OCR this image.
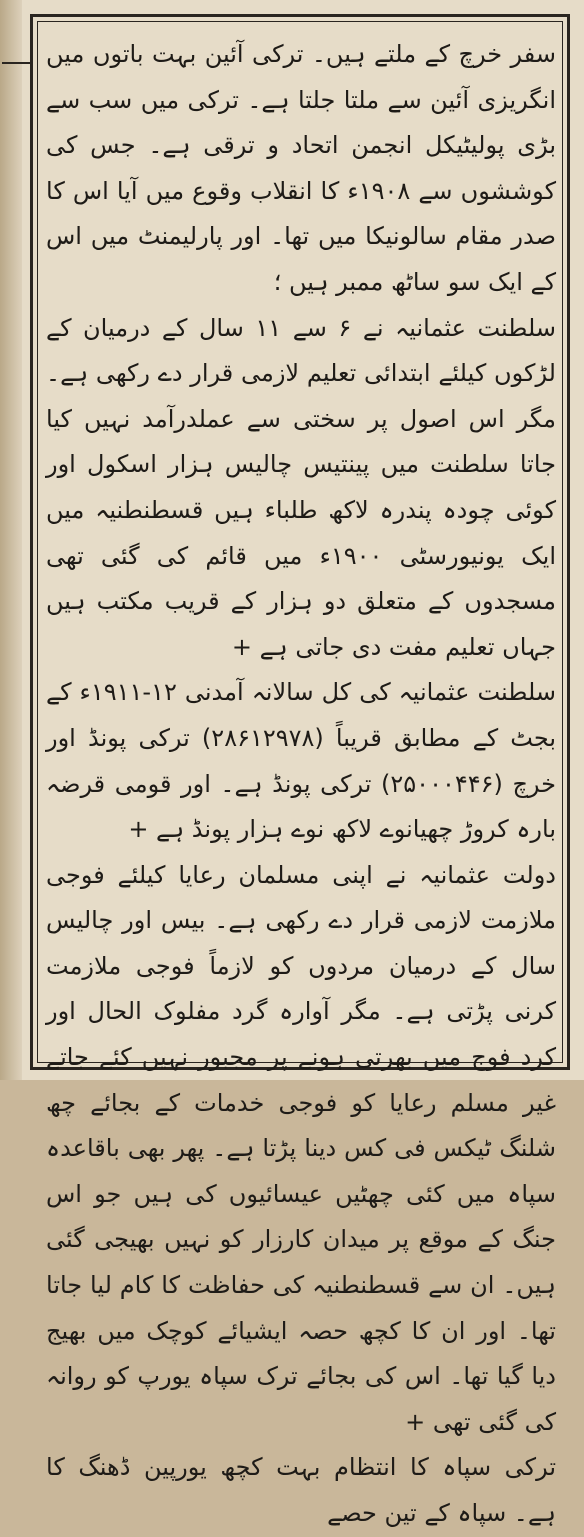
سفر خرچ کے ملتے ہیں۔ ترکی آئین بہت باتوں میں انگریزی آئین سے ملتا جلتا ہے۔ ترکی میں سب سے بڑی پولیٹیکل انجمن اتحاد و ترقی ہے۔ جس کی کوششوں سے ۱۹۰۸ء کا انقلاب وقوع میں آیا اس کا صدر مقام سالونیکا میں تھا۔ اور پارلیمنٹ میں اس کے ایک سو ساٹھ ممبر ہیں ؛

سلطنت عثمانیہ نے ۶ سے ۱۱ سال کے درمیان کے لڑکوں کیلئے ابتدائی تعلیم لازمی قرار دے رکھی ہے۔ مگر اس اصول پر سختی سے عملدرآمد نہیں کیا جاتا سلطنت میں پینتیس چالیس ہزار اسکول اور کوئی چودہ پندرہ لاکھ طلباء ہیں قسطنطنیہ میں ایک یونیورسٹی ۱۹۰۰ء میں قائم کی گئی تھی مسجدوں کے متعلق دو ہزار کے قریب مکتب ہیں جہاں تعلیم مفت دی جاتی ہے +

سلطنت عثمانیہ کی کل سالانہ آمدنی ۱۲-۱۹۱۱ء کے بجٹ کے مطابق قریباً (۲۸۶۱۲۹۷۸) ترکی پونڈ اور خرچ (۲۵۰۰۰۴۴۶) ترکی پونڈ ہے۔ اور قومی قرضہ بارہ کروڑ چھیانوے لاکھ نوے ہزار پونڈ ہے +

دولت عثمانیہ نے اپنی مسلمان رعایا کیلئے فوجی ملازمت لازمی قرار دے رکھی ہے۔ بیس اور چالیس سال کے درمیان مردوں کو لازماً فوجی ملازمت کرنی پڑتی ہے۔ مگر آوارہ گرد مفلوک الحال اور کرد فوج میں بھرتی ہونے پر مجبور نہیں کئے جاتے غیر مسلم رعایا کو فوجی خدمات کے بجائے چھ شلنگ ٹیکس فی کس دینا پڑتا ہے۔ پھر بھی باقاعدہ سپاہ میں کئی چھٹیں عیسائیوں کی ہیں جو اس جنگ کے موقع پر میدان کارزار کو نہیں بھیجی گئی ہیں۔ ان سے قسطنطنیہ کی حفاظت کا کام لیا جاتا تھا۔ اور ان کا کچھ حصہ ایشیائے کوچک میں بھیج دیا گیا تھا۔ اس کی بجائے ترک سپاہ یورپ کو روانہ کی گئی تھی +

ترکی سپاہ کا انتظام بہت کچھ یورپین ڈھنگ کا ہے۔ سپاہ کے تین حصے
